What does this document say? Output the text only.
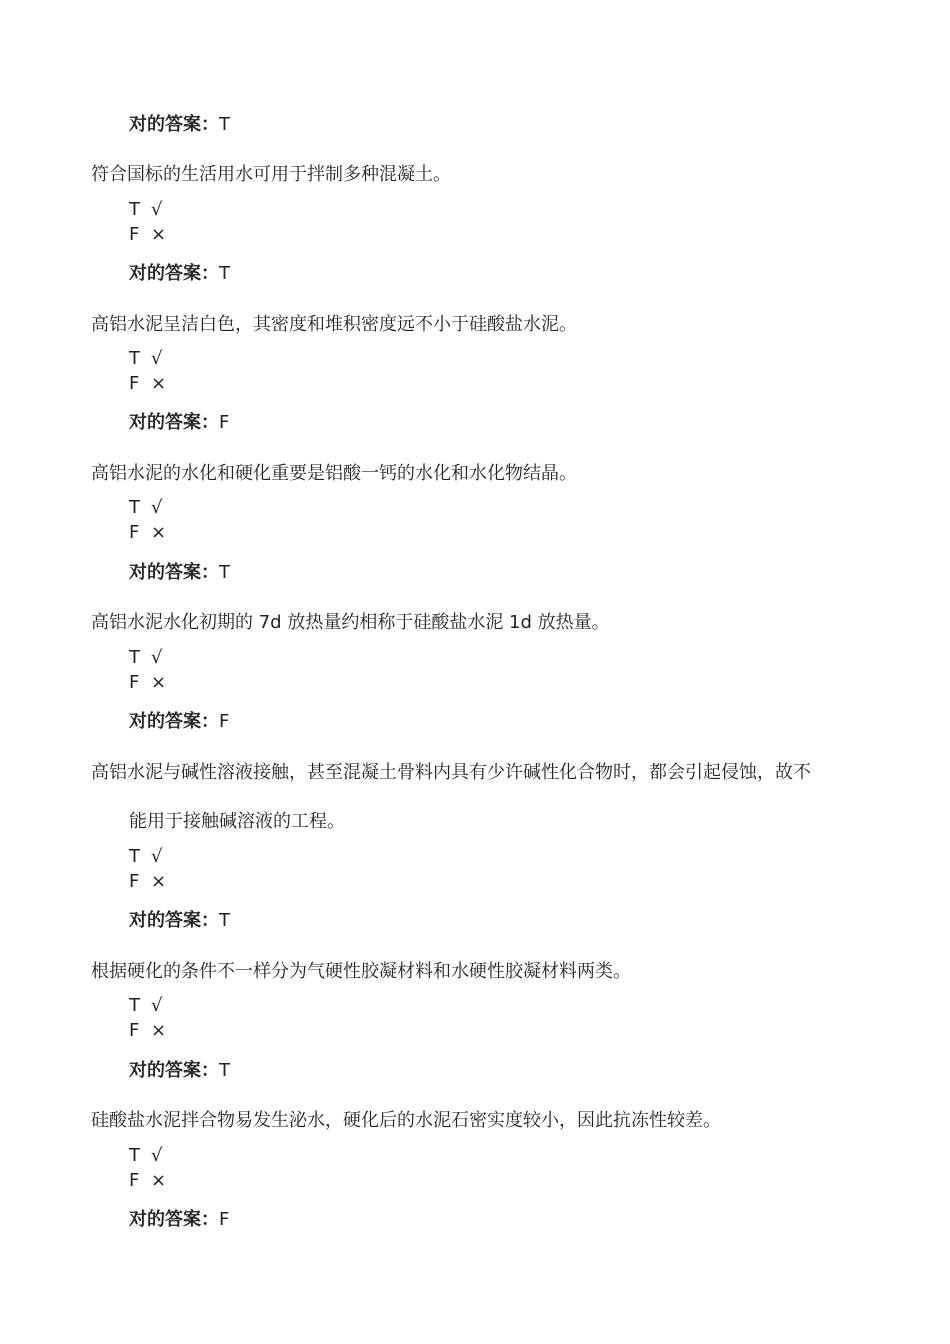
对的答案：T
符合国标的生活用水可用于拌制多种混凝土。
T √
F ×
对的答案：T
高铝水泥呈洁白色，其密度和堆积密度远不小于硅酸盐水泥。
T √
F ×
对的答案：F
高铝水泥的水化和硬化重要是铝酸一钙的水化和水化物结晶。
T √
F ×
对的答案：T
高铝水泥水化初期的 7d 放热量约相称于硅酸盐水泥 1d 放热量。
T √
F ×
对的答案：F
高铝水泥与碱性溶液接触，甚至混凝土骨料内具有少许碱性化合物时，都会引起侵蚀，故不
能用于接触碱溶液的工程。
T √
F ×
对的答案：T
根据硬化的条件不一样分为气硬性胶凝材料和水硬性胶凝材料两类。
T √
F ×
对的答案：T
硅酸盐水泥拌合物易发生泌水，硬化后的水泥石密实度较小，因此抗冻性较差。
T √
F ×
对的答案：F
